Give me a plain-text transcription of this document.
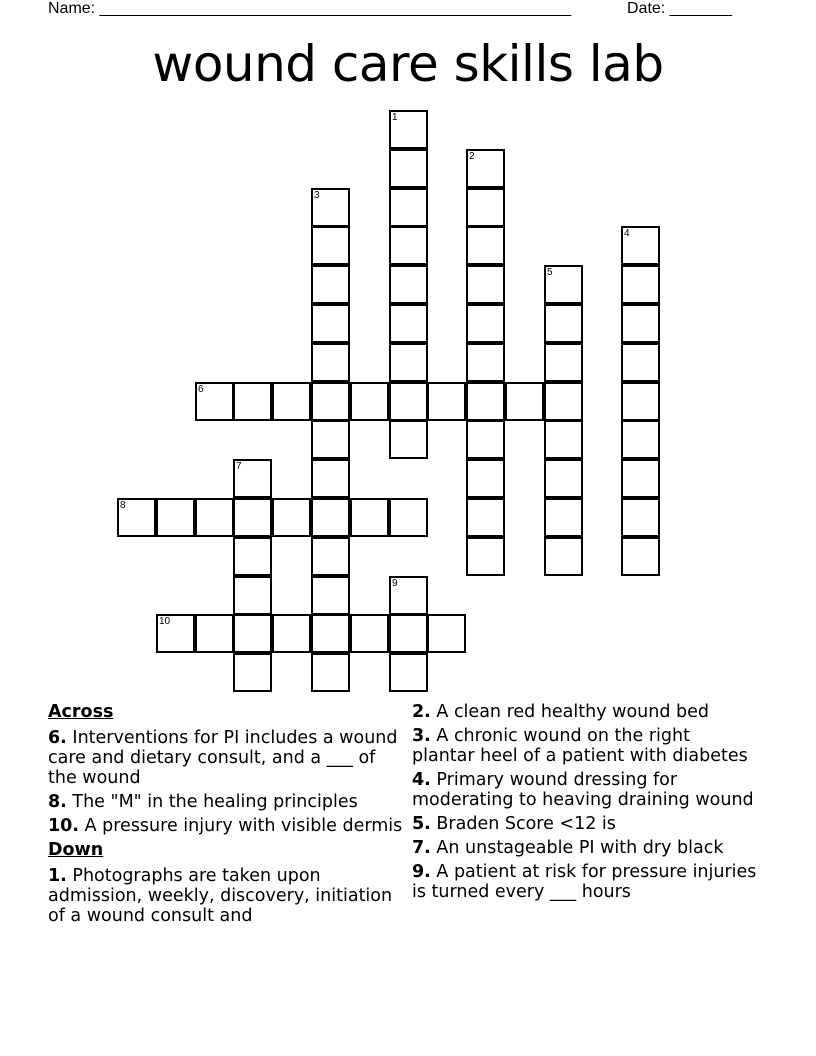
Name: _____________________________________________________	Date: _______
wound care skills lab
1
2
3
4
5
6
7
8
9
10
Across
6. Interventions for PI includes a wound care and dietary consult, and a ___ of the wound
8. The "M" in the healing principles
10. A pressure injury with visible dermis
Down
1. Photographs are taken upon admission, weekly, discovery, initiation of a wound consult and
2. A clean red healthy wound bed
3. A chronic wound on the right plantar heel of a patient with diabetes
4. Primary wound dressing for moderating to heaving draining wound
5. Braden Score <12 is
7. An unstageable PI with dry black
9. A patient at risk for pressure injuries is turned every ___ hours
